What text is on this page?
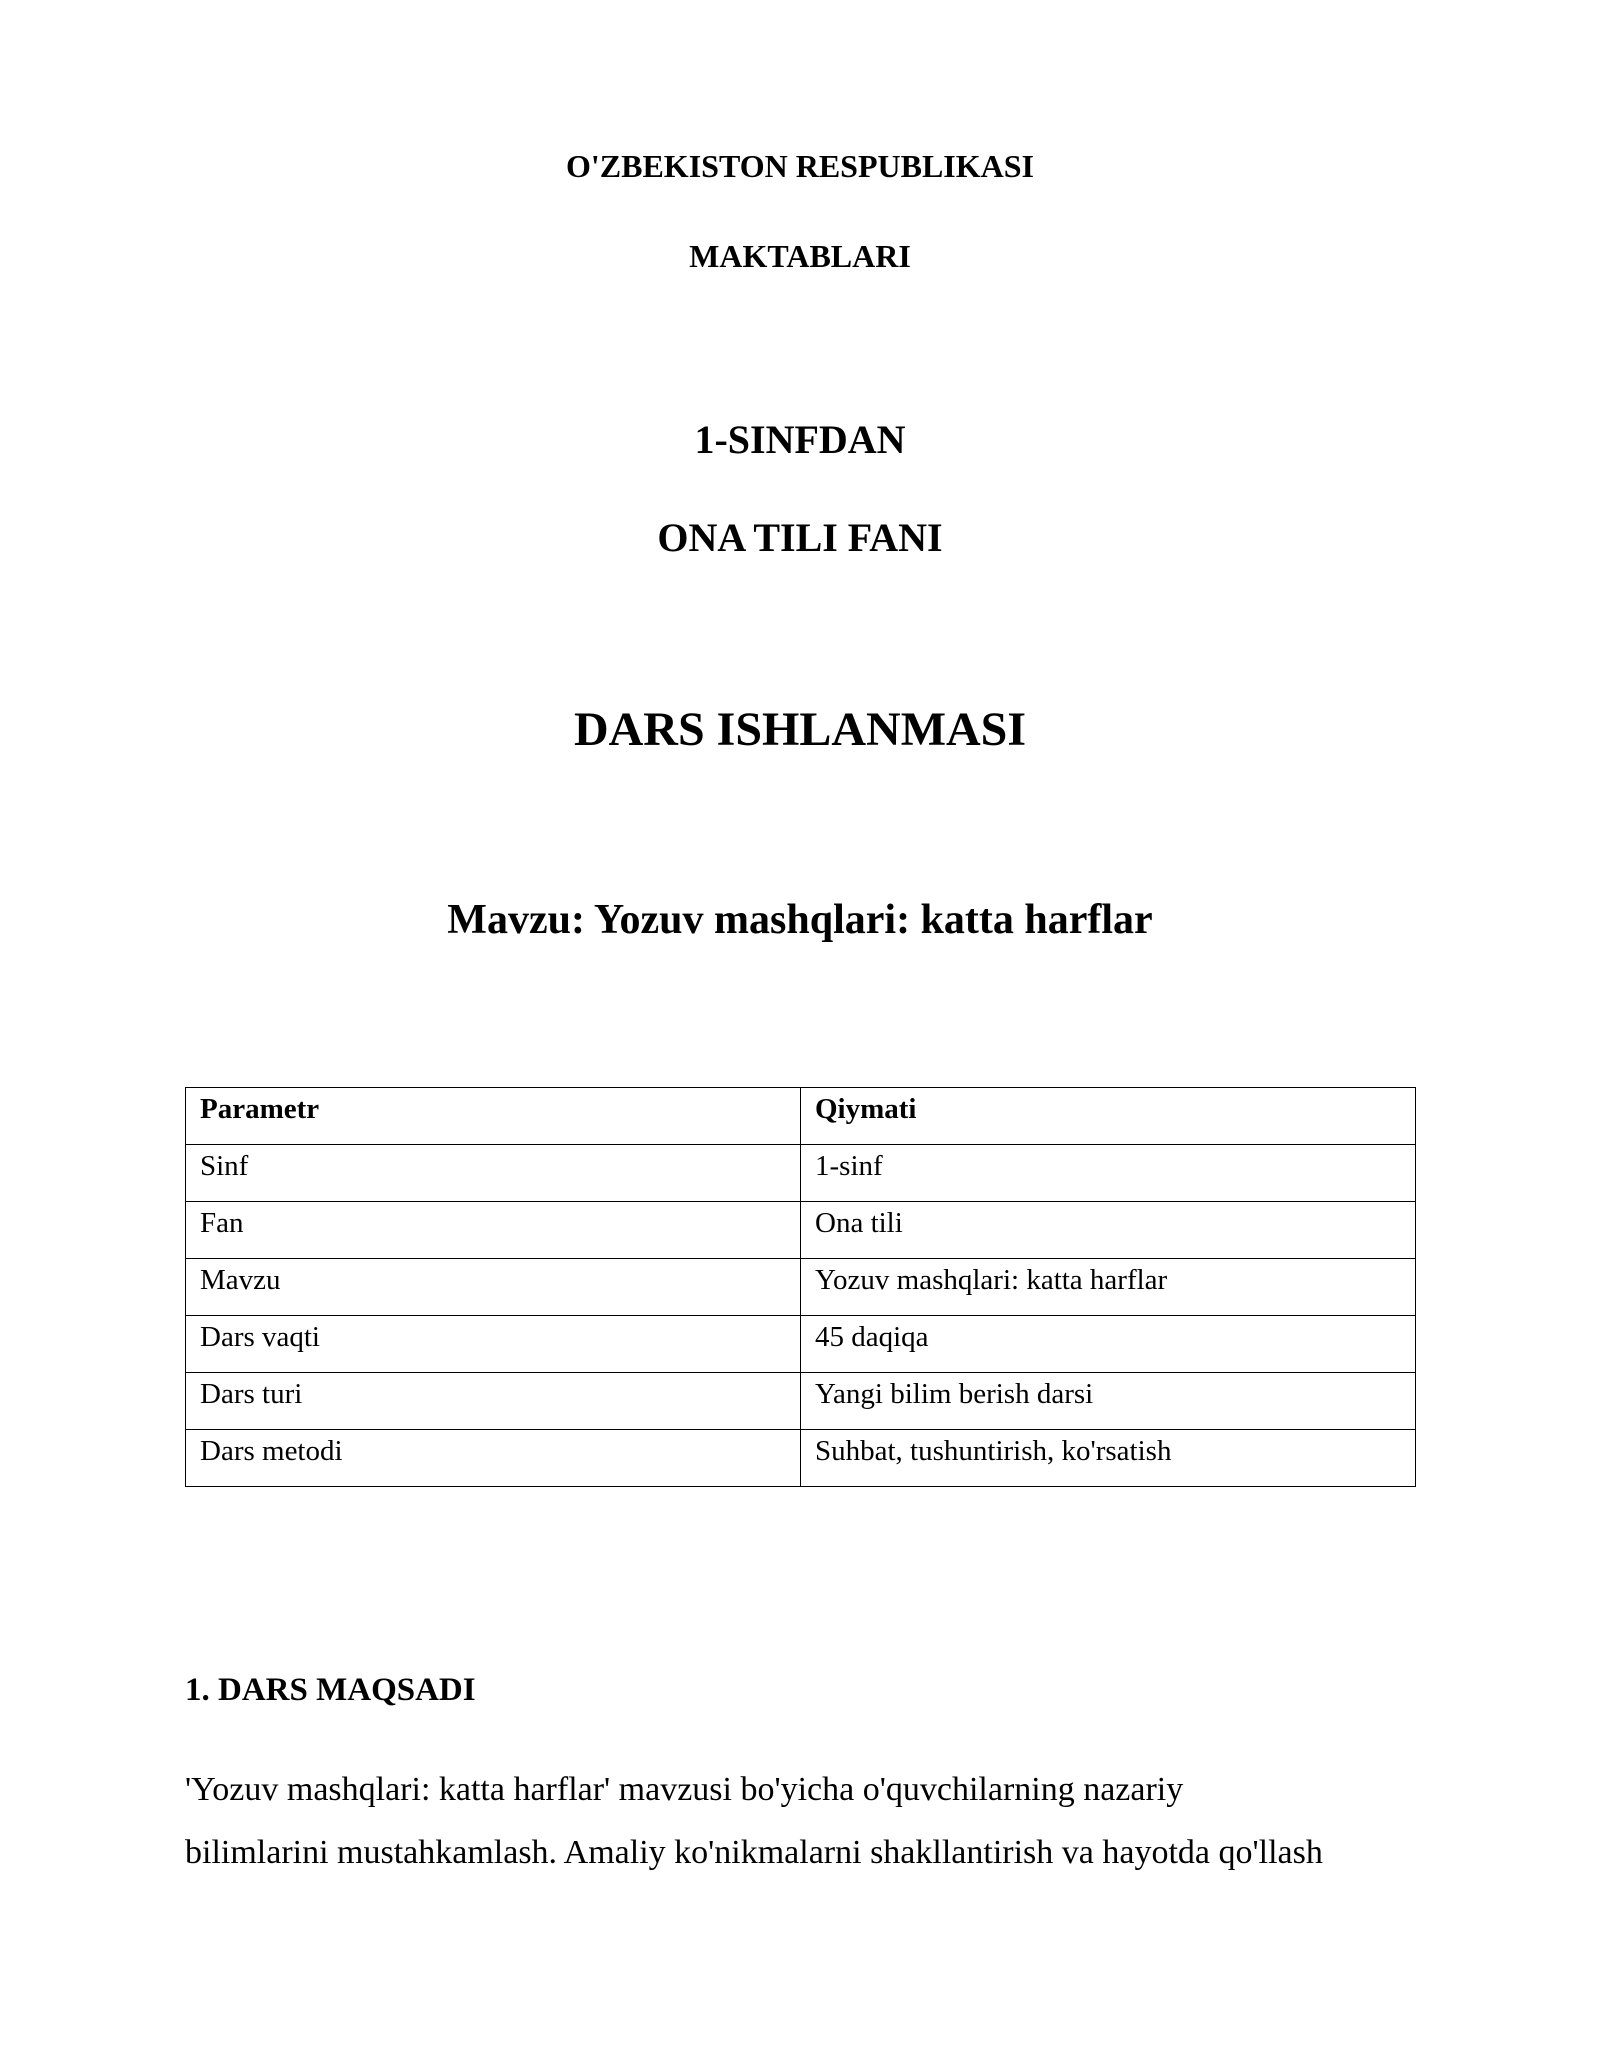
O'ZBEKISTON RESPUBLIKASI
MAKTABLARI
1-SINFDAN
ONA TILI FANI
DARS ISHLANMASI
Mavzu: Yozuv mashqlari: katta harflar
Parametr	Qiymati
Sinf	1-sinf
Fan	Ona tili
Mavzu	Yozuv mashqlari: katta harflar
Dars vaqti	45 daqiqa
Dars turi	Yangi bilim berish darsi
Dars metodi	Suhbat, tushuntirish, ko'rsatish
1. DARS MAQSADI
'Yozuv mashqlari: katta harflar' mavzusi bo'yicha o'quvchilarning nazariy
bilimlarini mustahkamlash. Amaliy ko'nikmalarni shakllantirish va hayotda qo'llash
